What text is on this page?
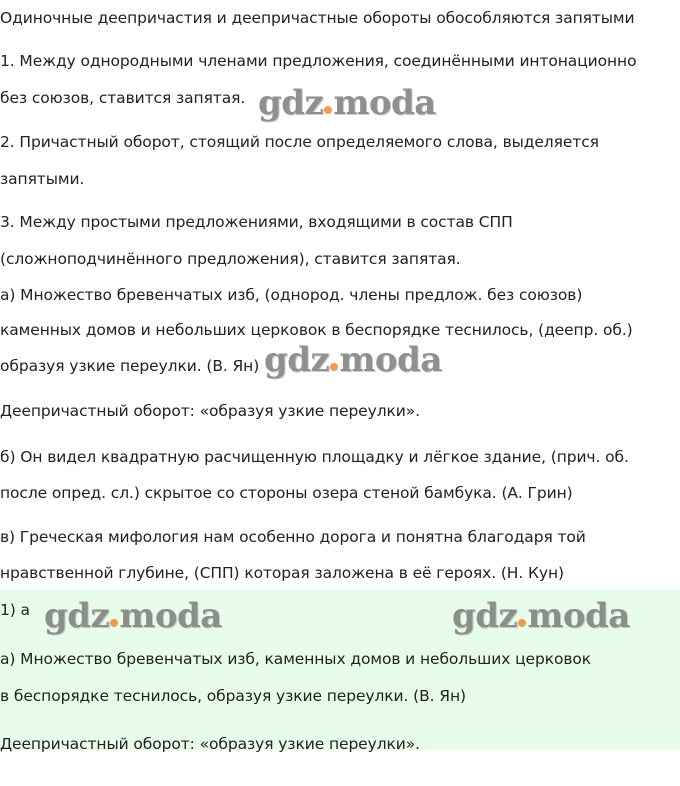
Одиночные деепричастия и деепричастные обороты обособляются запятыми
1. Между однородными членами предложения, соединёнными интонационно
без союзов, ставится запятая.
2. Причастный оборот, стоящий после определяемого слова, выделяется
запятыми.
3. Между простыми предложениями, входящими в состав СПП
(сложноподчинённого предложения), ставится запятая.
а) Множество бревенчатых изб, (однород. члены предлож. без союзов)
каменных домов и небольших церковок в беспорядке теснилось, (деепр. об.)
образуя узкие переулки. (В. Ян)
Деепричастный оборот: «образуя узкие переулки».
б) Он видел квадратную расчищенную площадку и лёгкое здание, (прич. об.
после опред. сл.) скрытое со стороны озера стеной бамбука. (А. Грин)
в) Греческая мифология нам особенно дорога и понятна благодаря той
нравственной глубине, (СПП) которая заложена в её героях. (Н. Кун)
1) а
а) Множество бревенчатых изб, каменных домов и небольших церковок
в беспорядке теснилось, образуя узкие переулки. (В. Ян)
Деепричастный оборот: «образуя узкие переулки».
gdz moda
gdz moda
gdz moda	gdz moda
